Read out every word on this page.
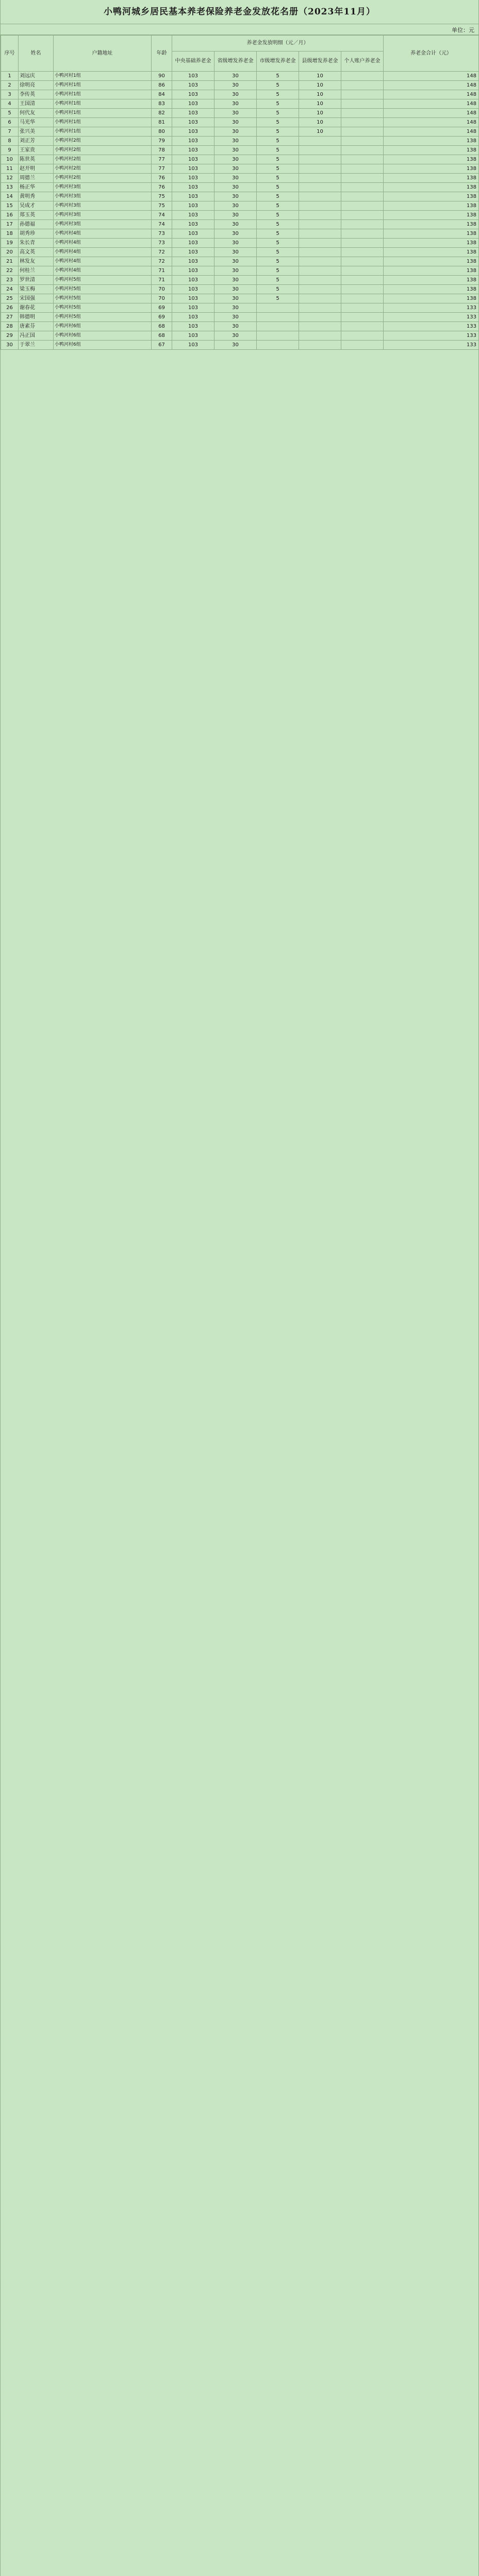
小鸭河城乡居民基本养老保险养老金发放花名册（2023年11月）
单位：元
序号	姓名	户籍地址	年龄	养老金发放明细（元／月）					养老金合计（元）
				中央基础养老金	省级增发养老金	市级增发养老金	县级增发养老金	个人账户养老金	
1	刘远庆	小鸭河村1组	90	103	30	5	10		148
2	徐明亮	小鸭河村1组	86	103	30	5	10		148
3	李传英	小鸭河村1组	84	103	30	5	10		148
4	王国清	小鸭河村1组	83	103	30	5	10		148
5	何代友	小鸭河村1组	82	103	30	5	10		148
6	马光华	小鸭河村1组	81	103	30	5	10		148
7	张兴美	小鸭河村1组	80	103	30	5	10		148
8	刘正芳	小鸭河村2组	79	103	30	5			138
9	王家贵	小鸭河村2组	78	103	30	5			138
10	陈世英	小鸭河村2组	77	103	30	5			138
11	赵开明	小鸭河村2组	77	103	30	5			138
12	周德兰	小鸭河村2组	76	103	30	5			138
13	杨正华	小鸭河村3组	76	103	30	5			138
14	黄明秀	小鸭河村3组	75	103	30	5			138
15	吴成才	小鸭河村3组	75	103	30	5			138
16	郑玉英	小鸭河村3组	74	103	30	5			138
17	孙德福	小鸭河村3组	74	103	30	5			138
18	胡秀珍	小鸭河村4组	73	103	30	5			138
19	朱长青	小鸭河村4组	73	103	30	5			138
20	高文英	小鸭河村4组	72	103	30	5			138
21	林发友	小鸭河村4组	72	103	30	5			138
22	何桂兰	小鸭河村4组	71	103	30	5			138
23	罗世清	小鸭河村5组	71	103	30	5			138
24	梁玉梅	小鸭河村5组	70	103	30	5			138
25	宋国强	小鸭河村5组	70	103	30	5			138
26	谢春花	小鸭河村5组	69	103	30				133
27	韩德明	小鸭河村5组	69	103	30				133
28	唐素芬	小鸭河村6组	68	103	30				133
29	冯正国	小鸭河村6组	68	103	30				133
30	于翠兰	小鸭河村6组	67	103	30				133
